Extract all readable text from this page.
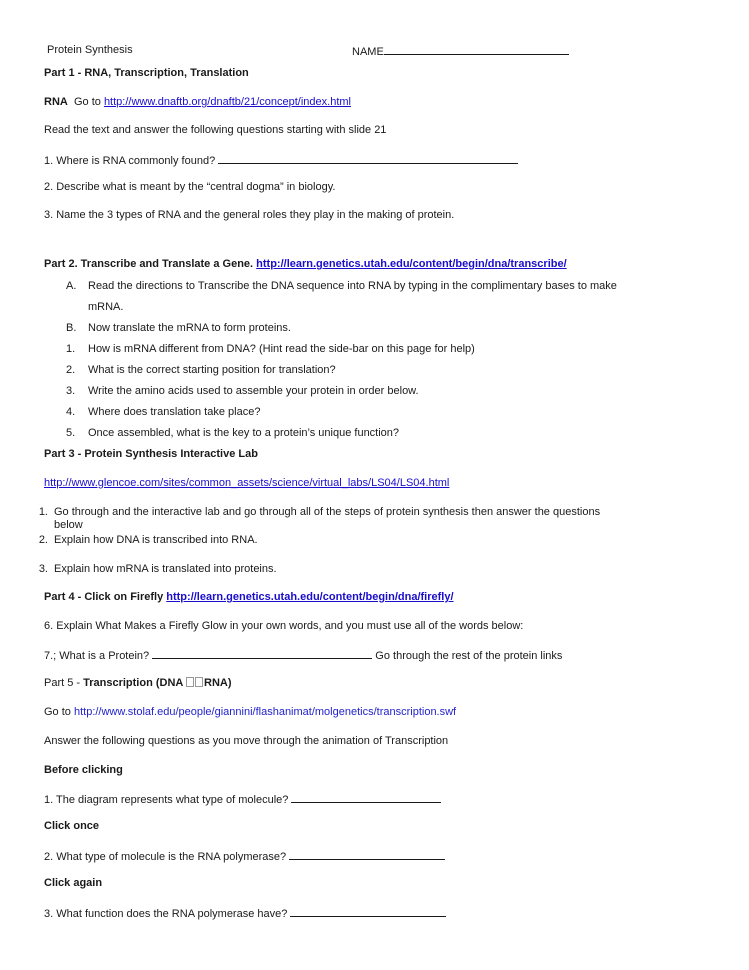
Protein Synthesis	NAME
Part 1 - RNA, Transcription, Translation
RNA Go to http://www.dnaftb.org/dnaftb/21/concept/index.html
Read the text and answer the following questions starting with slide 21
1. Where is RNA commonly found?
2. Describe what is meant by the “central dogma” in biology.
3. Name the 3 types of RNA and the general roles they play in the making of protein.
Part 2. Transcribe and Translate a Gene. http://learn.genetics.utah.edu/content/begin/dna/transcribe/
A. Read the directions to Transcribe the DNA sequence into RNA by typing in the complimentary bases to make
mRNA.
B. Now translate the mRNA to form proteins.
1. How is mRNA different from DNA? (Hint read the side-bar on this page for help)
2. What is the correct starting position for translation?
3. Write the amino acids used to assemble your protein in order below.
4. Where does translation take place?
5. Once assembled, what is the key to a protein’s unique function?
Part 3 - Protein Synthesis Interactive Lab
http://www.glencoe.com/sites/common_assets/science/virtual_labs/LS04/LS04.html
1. Go through and the interactive lab and go through all of the steps of protein synthesis then answer the questions
below
2. Explain how DNA is transcribed into RNA.
3. Explain how mRNA is translated into proteins.
Part 4 - Click on Firefly http://learn.genetics.utah.edu/content/begin/dna/firefly/
6. Explain What Makes a Firefly Glow in your own words, and you must use all of the words below:
7.; What is a Protein?	Go through the rest of the protein links
Part 5 - Transcription (DNA RNA)
Go to http://www.stolaf.edu/people/giannini/flashanimat/molgenetics/transcription.swf
Answer the following questions as you move through the animation of Transcription
Before clicking
1. The diagram represents what type of molecule?
Click once
2. What type of molecule is the RNA polymerase?
Click again
3. What function does the RNA polymerase have?
